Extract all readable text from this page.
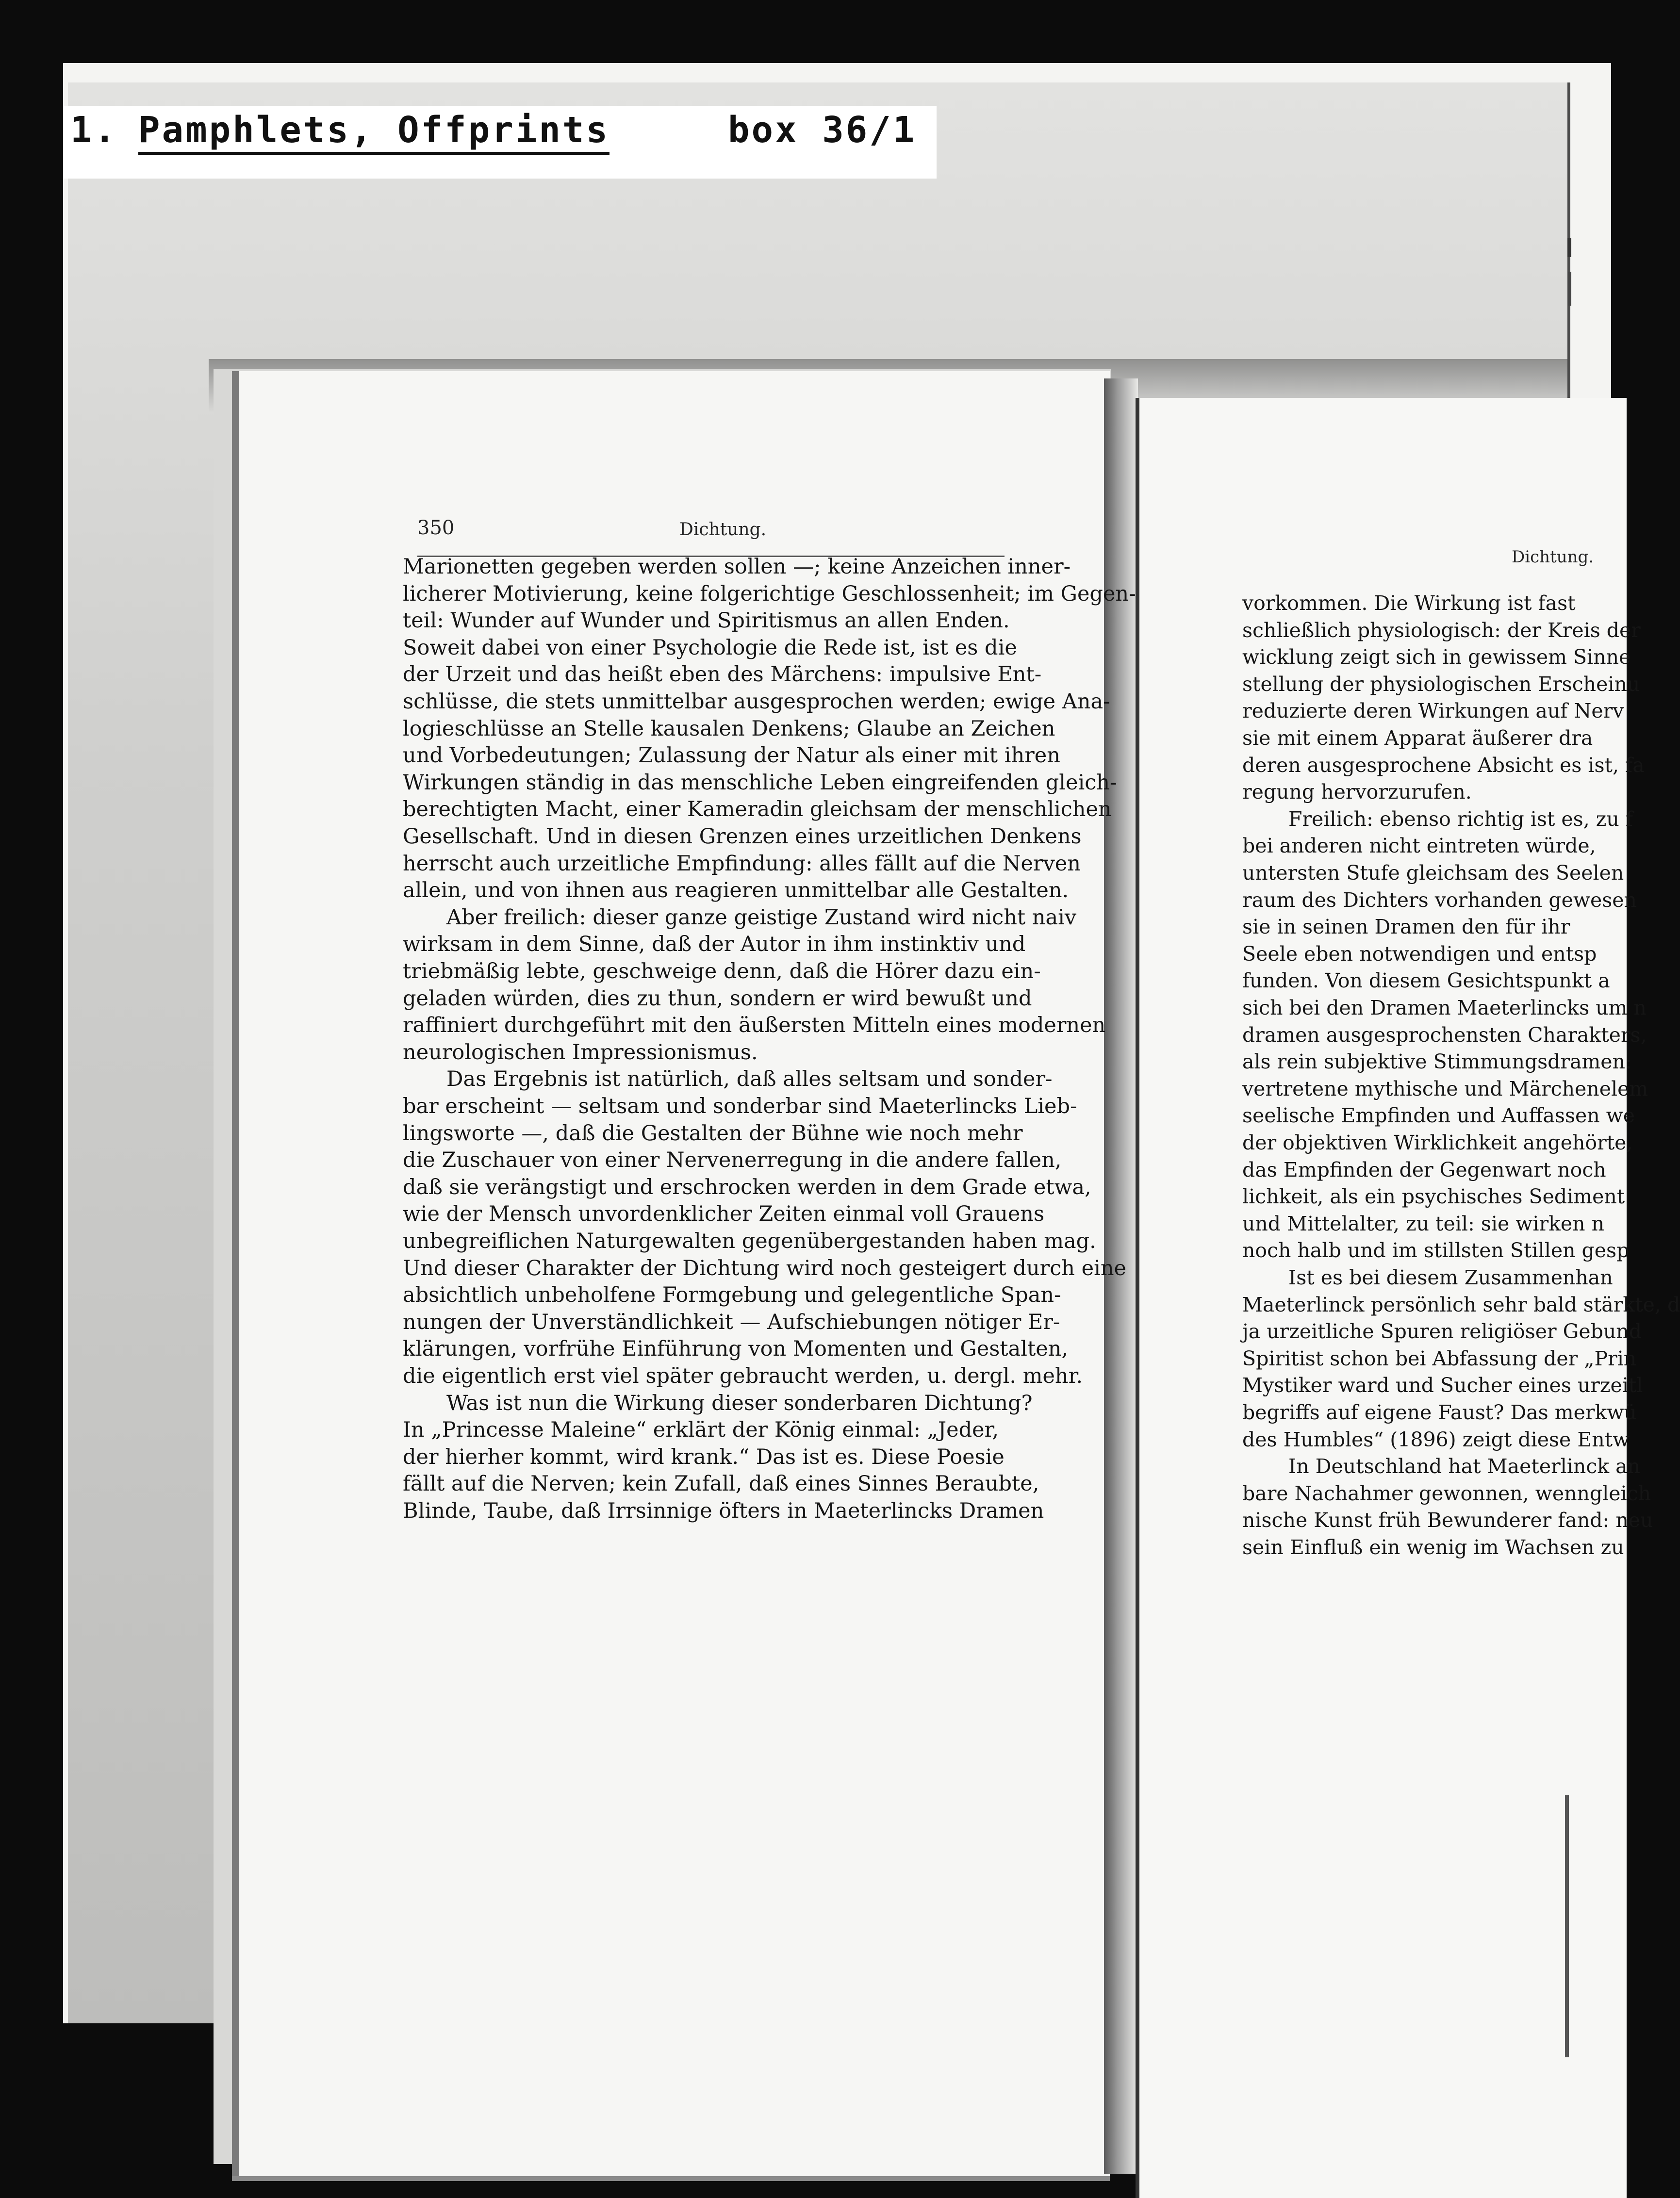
1.

Pamphlets, Offprints

	box 36/1

350	Dichtung.
Marionetten gegeben werden sollen —; keine Anzeichen inner-
licherer Motivierung, keine folgerichtige Geschlossenheit; im Gegen-
teil: Wunder auf Wunder und Spiritismus an allen Enden.
Soweit dabei von einer Psychologie die Rede ist, ist es die
der Urzeit und das heißt eben des Märchens: impulsive Ent-
schlüsse, die stets unmittelbar ausgesprochen werden; ewige Ana-
logieschlüsse an Stelle kausalen Denkens; Glaube an Zeichen
und Vorbedeutungen; Zulassung der Natur als einer mit ihren
Wirkungen ständig in das menschliche Leben eingreifenden gleich-
berechtigten Macht, einer Kameradin gleichsam der menschlichen
Gesellschaft. Und in diesen Grenzen eines urzeitlichen Denkens
herrscht auch urzeitliche Empfindung: alles fällt auf die Nerven
allein, und von ihnen aus reagieren unmittelbar alle Gestalten.
Aber freilich: dieser ganze geistige Zustand wird nicht naiv
wirksam in dem Sinne, daß der Autor in ihm instinktiv und
triebmäßig lebte, geschweige denn, daß die Hörer dazu ein-
geladen würden, dies zu thun, sondern er wird bewußt und
raffiniert durchgeführt mit den äußersten Mitteln eines modernen
neurologischen Impressionismus.
Das Ergebnis ist natürlich, daß alles seltsam und sonder-
bar erscheint — seltsam und sonderbar sind Maeterlincks Lieb-
lingsworte —, daß die Gestalten der Bühne wie noch mehr
die Zuschauer von einer Nervenerregung in die andere fallen,
daß sie verängstigt und erschrocken werden in dem Grade etwa,
wie der Mensch unvordenklicher Zeiten einmal voll Grauens
unbegreiflichen Naturgewalten gegenübergestanden haben mag.
Und dieser Charakter der Dichtung wird noch gesteigert durch eine
absichtlich unbeholfene Formgebung und gelegentliche Span-
nungen der Unverständlichkeit — Aufschiebungen nötiger Er-
klärungen, vorfrühe Einführung von Momenten und Gestalten,
die eigentlich erst viel später gebraucht werden, u. dergl. mehr.
Was ist nun die Wirkung dieser sonderbaren Dichtung?
In „Princesse Maleine“ erklärt der König einmal: „Jeder,
der hierher kommt, wird krank.“ Das ist es. Diese Poesie
fällt auf die Nerven; kein Zufall, daß eines Sinnes Beraubte,
Blinde, Taube, daß Irrsinnige öfters in Maeterlincks Dramen
Dichtung.
vorkommen. Die Wirkung ist fast
schließlich physiologisch: der Kreis der
wicklung zeigt sich in gewissem Sinne
stellung der physiologischen Erscheinu
reduzierte deren Wirkungen auf Nerv
sie mit einem Apparat äußerer dra
deren ausgesprochene Absicht es ist, fa
regung hervorzurufen.
Freilich: ebenso richtig ist es, zu f
bei anderen nicht eintreten würde,
untersten Stufe gleichsam des Seelen
raum des Dichters vorhanden gewesen
sie in seinen Dramen den für ihr
Seele eben notwendigen und entsp
funden. Von diesem Gesichtspunkt a
sich bei den Dramen Maeterlincks um n
dramen ausgesprochensten Charakters,
als rein subjektive Stimmungsdramen:
vertretene mythische und Märchenelem
seelische Empfinden und Auffassen we
der objektiven Wirklichkeit angehörte,
das Empfinden der Gegenwart noch
lichkeit, als ein psychisches Sediment
und Mittelalter, zu teil: sie wirken n
noch halb und im stillsten Stillen gesp
Ist es bei diesem Zusammenhan
Maeterlinck persönlich sehr bald stärkte, d
ja urzeitliche Spuren religiöser Gebund
Spiritist schon bei Abfassung der „Prin
Mystiker ward und Sucher eines urzeitl
begriffs auf eigene Faust? Das merkwü
des Humbles“ (1896) zeigt diese Entw
In Deutschland hat Maeterlinck an
bare Nachahmer gewonnen, wenngleich
nische Kunst früh Bewunderer fand: neu
sein Einfluß ein wenig im Wachsen zu
